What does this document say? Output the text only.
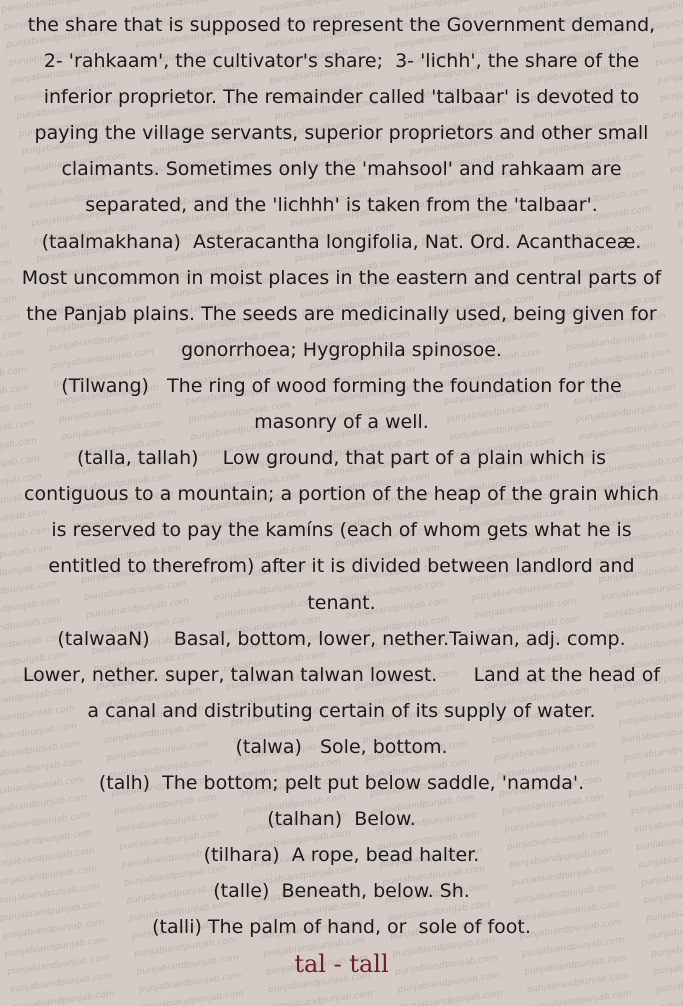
the share that is supposed to represent the Government demand,
2- 'rahkaam', the cultivator's share;  3- 'lichh', the share of the
inferior proprietor. The remainder called 'talbaar' is devoted to
paying the village servants, superior proprietors and other small
claimants. Sometimes only the 'mahsool' and rahkaam are
separated, and the 'lichhh' is taken from the 'talbaar'.
(taalmakhana)  Asteracantha longifolia, Nat. Ord. Acanthaceæ.
Most uncommon in moist places in the eastern and central parts of
the Panjab plains. The seeds are medicinally used, being given for
gonorrhoea; Hygrophila spinosoe.
(Tilwang)   The ring of wood forming the foundation for the
masonry of a well.
(talla, tallah)    Low ground, that part of a plain which is
contiguous to a mountain; a portion of the heap of the grain which
is reserved to pay the kamíns (each of whom gets what he is
entitled to therefrom) after it is divided between landlord and
tenant.
(talwaaN)    Basal, bottom, lower, nether.Taiwan, adj. comp.
Lower, nether. super, talwan talwan lowest.      Land at the head of
a canal and distributing certain of its supply of water.
(talwa)   Sole, bottom.
(talh)  The bottom; pelt put below saddle, 'namda'.
(talhan)  Below.
(tilhara)  A rope, bead halter.
(talle)  Beneath, below. Sh.
(talli) The palm of hand, or  sole of foot.
tal - tall
